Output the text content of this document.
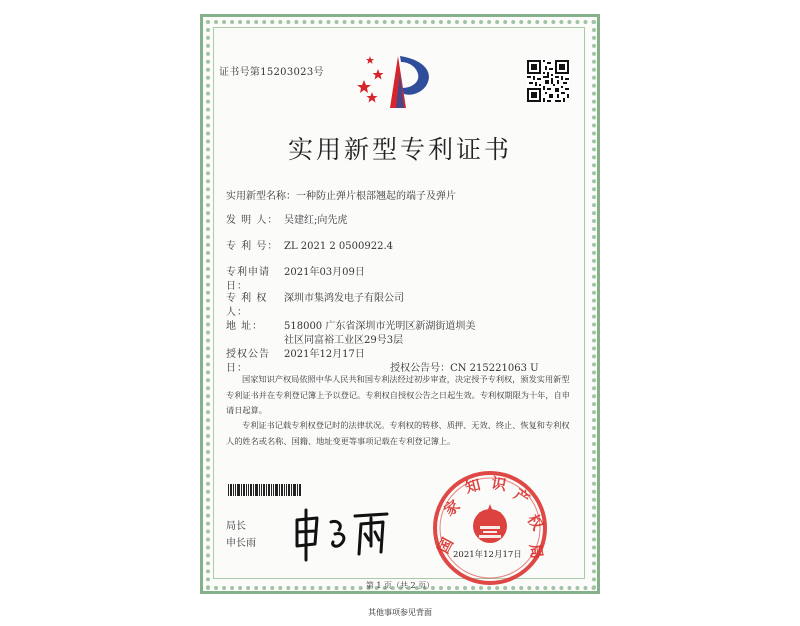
证书号第15203023号
实用新型专利证书
实用新型名称：一种防止弹片根部翘起的端子及弹片
发 明 人： 吴建红;向先虎
专 利 号： ZL 2021 2 0500922.4
专利申请日：2021年03月09日
专 利 权 人：深圳市集鸿发电子有限公司
地 址： 518000 广东省深圳市光明区新湖街道圳美社区同富裕工业区29号3层
授权公告日：2021年12月17日 授权公告号：CN 215221063 U
国家知识产权局依照中华人民共和国专利法经过初步审查，决定授予专利权，颁发实用新型专利证书并在专利登记簿上予以登记。专利权自授权公告之日起生效。专利权期限为十年，自申请日起算。
专利证书记载专利权登记时的法律状况。专利权的转移、质押、无效、终止、恢复和专利权人的姓名或名称、国籍、地址变更等事项记载在专利登记簿上。
局长
申长雨	国
家
知 识
产
权
局
2021年12月17日
第 1 页（共 2 页）
其他事项参见背面
